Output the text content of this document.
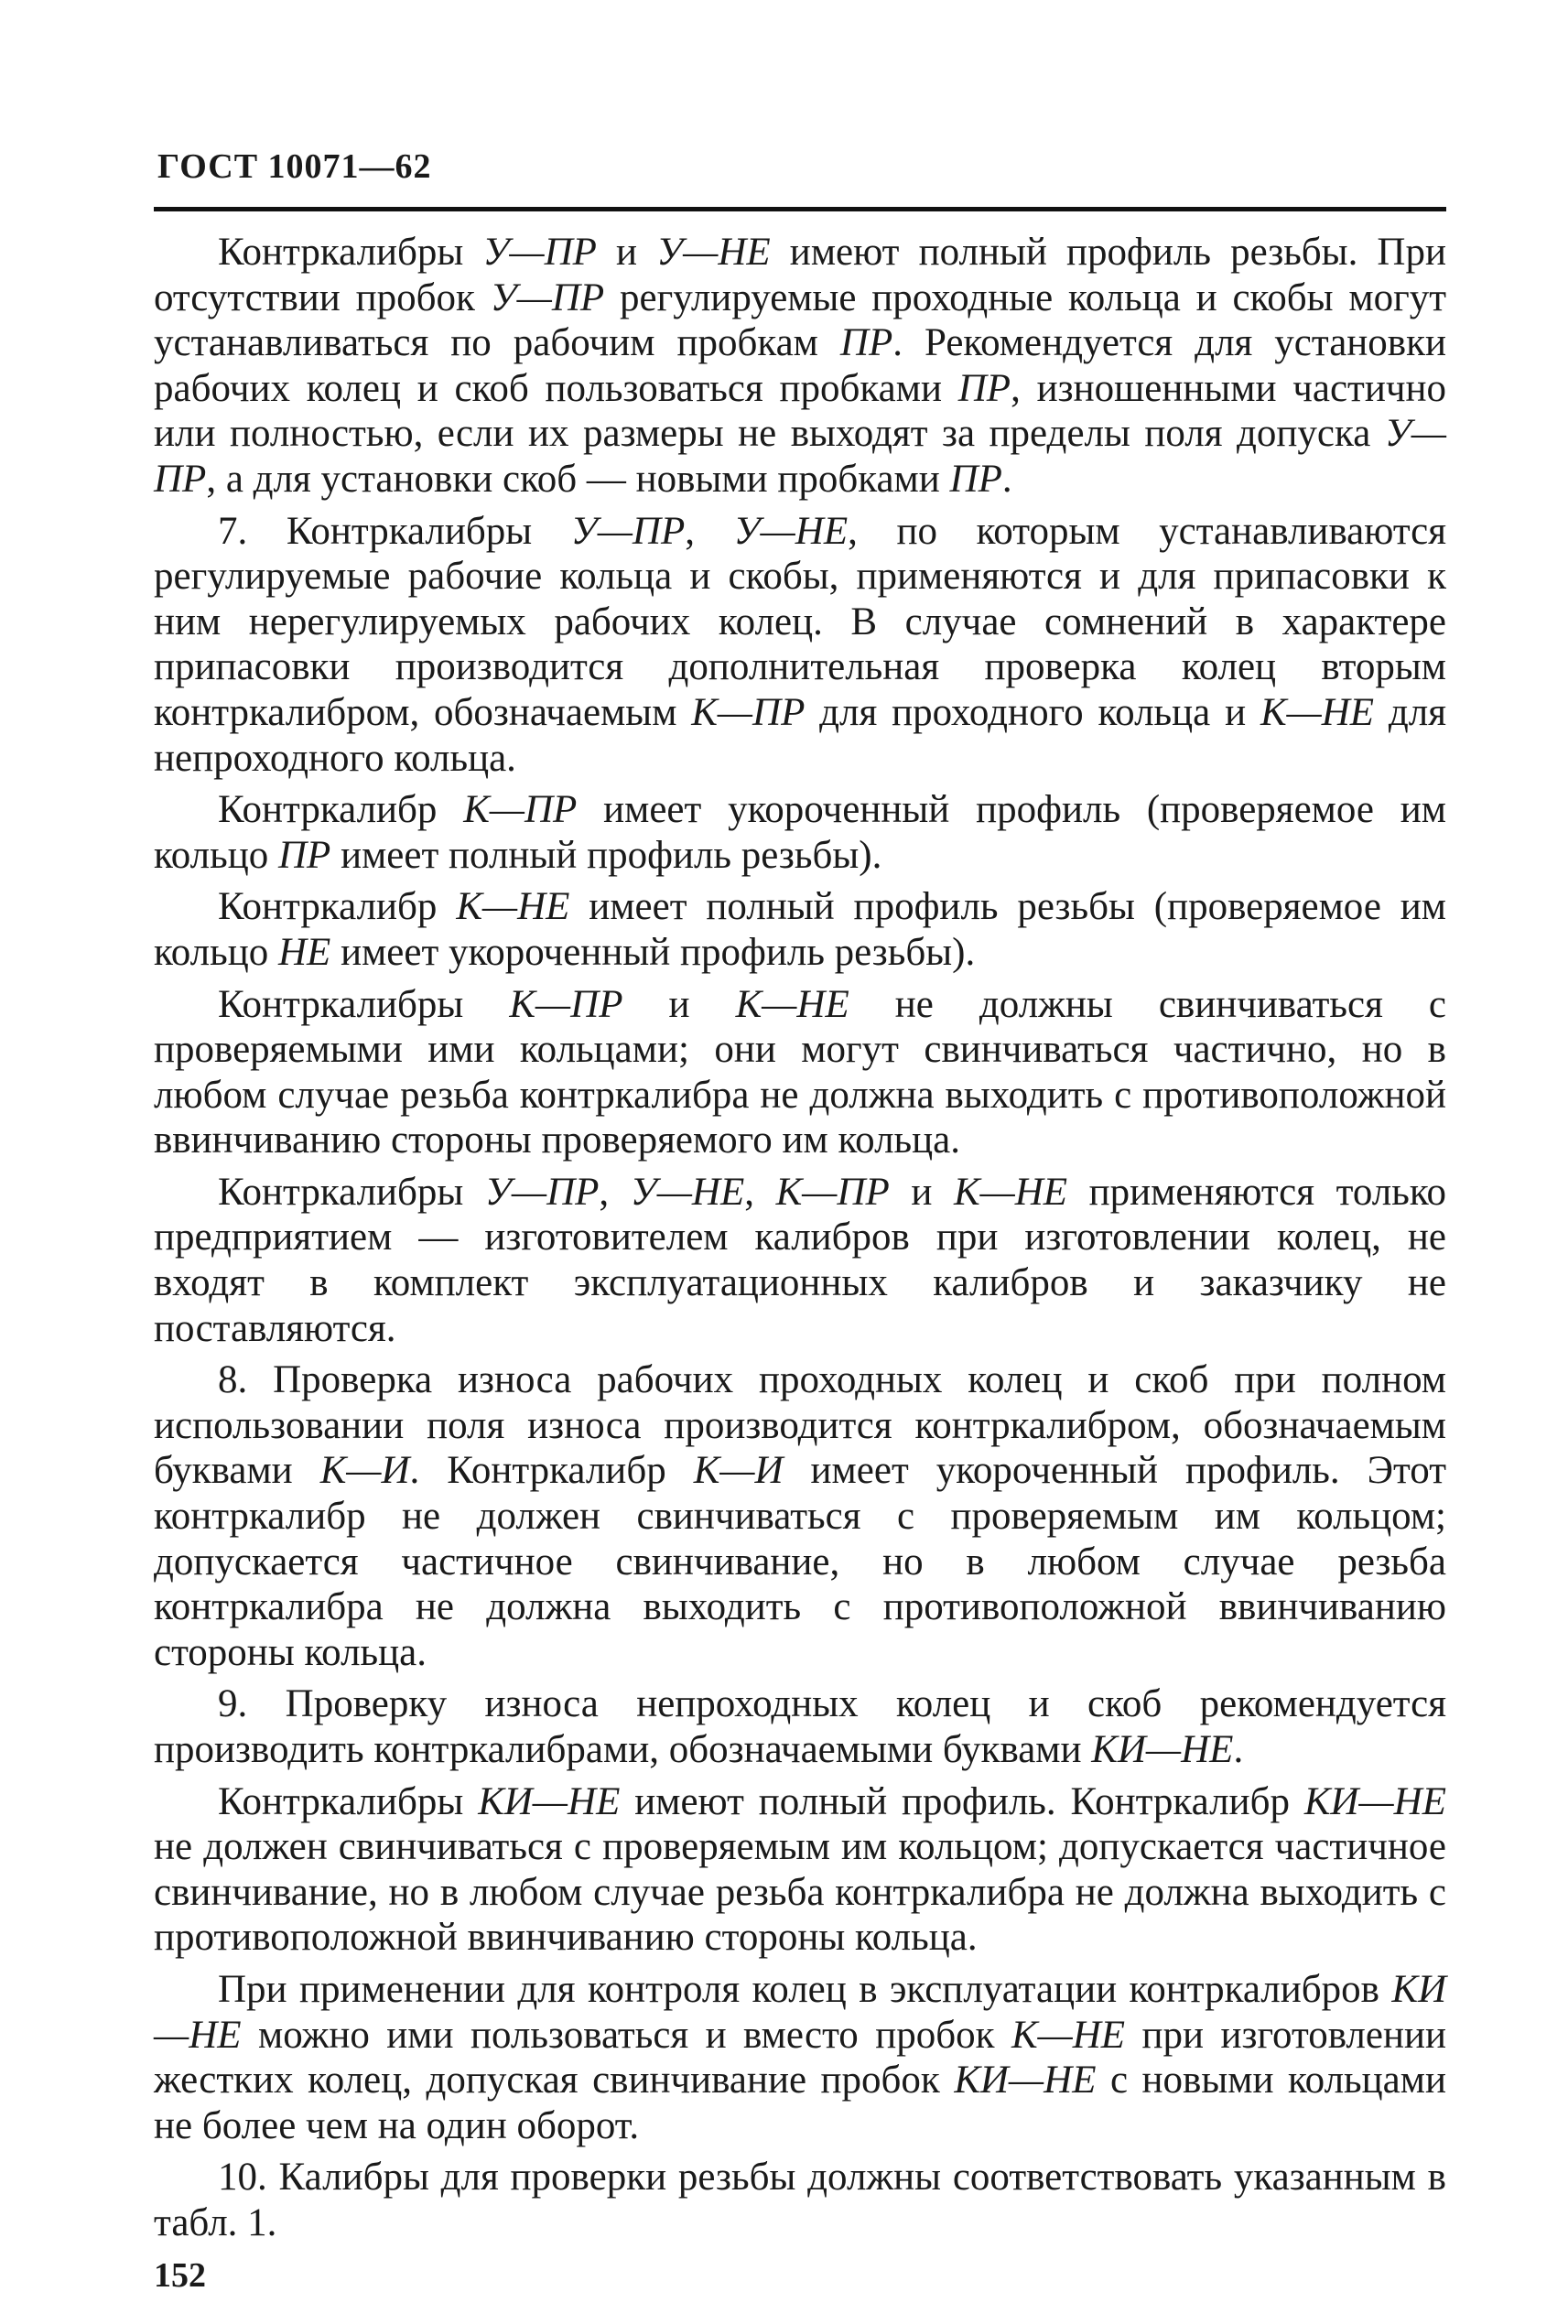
ГОСТ 10071—62

Контркалибры У—ПР и У—НЕ имеют полный профиль резьбы. При отсутствии пробок У—ПР регулируемые проходные кольца и скобы могут устанавливаться по рабочим пробкам ПР. Рекомендуется для установки рабочих колец и скоб пользоваться пробками ПР, изношенными частично или полностью, если их размеры не выходят за пределы поля допуска У—ПР, а для установки скоб — новыми пробками ПР.

7. Контркалибры У—ПР, У—НЕ, по которым устанавливаются регулируемые рабочие кольца и скобы, применяются и для припасовки к ним нерегулируемых рабочих колец. В случае сомнений в характере припасовки производится дополнительная проверка колец вторым контркалибром, обозначаемым К—ПР для проходного кольца и К—НЕ для непроходного кольца.

Контркалибр К—ПР имеет укороченный профиль (проверяемое им кольцо ПР имеет полный профиль резьбы).

Контркалибр К—НЕ имеет полный профиль резьбы (проверяемое им кольцо НЕ имеет укороченный профиль резьбы).

Контркалибры К—ПР и К—НЕ не должны свинчиваться с проверяемыми ими кольцами; они могут свинчиваться частично, но в любом случае резьба контркалибра не должна выходить с противоположной ввинчиванию стороны проверяемого им кольца.

Контркалибры У—ПР, У—НЕ, К—ПР и К—НЕ применяются только предприятием — изготовителем калибров при изготовлении колец, не входят в комплект эксплуатационных калибров и заказчику не поставляются.

8. Проверка износа рабочих проходных колец и скоб при полном использовании поля износа производится контркалибром, обозначаемым буквами К—И. Контркалибр К—И имеет укороченный профиль. Этот контркалибр не должен свинчиваться с проверяемым им кольцом; допускается частичное свинчивание, но в любом случае резьба контркалибра не должна выходить с противоположной ввинчиванию стороны кольца.

9. Проверку износа непроходных колец и скоб рекомендуется производить контркалибрами, обозначаемыми буквами КИ—НЕ.

Контркалибры КИ—НЕ имеют полный профиль. Контркалибр КИ—НЕ не должен свинчиваться с проверяемым им кольцом; допускается частичное свинчивание, но в любом случае резьба контркалибра не должна выходить с противоположной ввинчиванию стороны кольца.

При применении для контроля колец в эксплуатации контркалибров КИ—НЕ можно ими пользоваться и вместо пробок К—НЕ при изготовлении жестких колец, допуская свинчивание пробок КИ—НЕ с новыми кольцами не более чем на один оборот.

10. Калибры для проверки резьбы должны соответствовать указанным в табл. 1.

152
